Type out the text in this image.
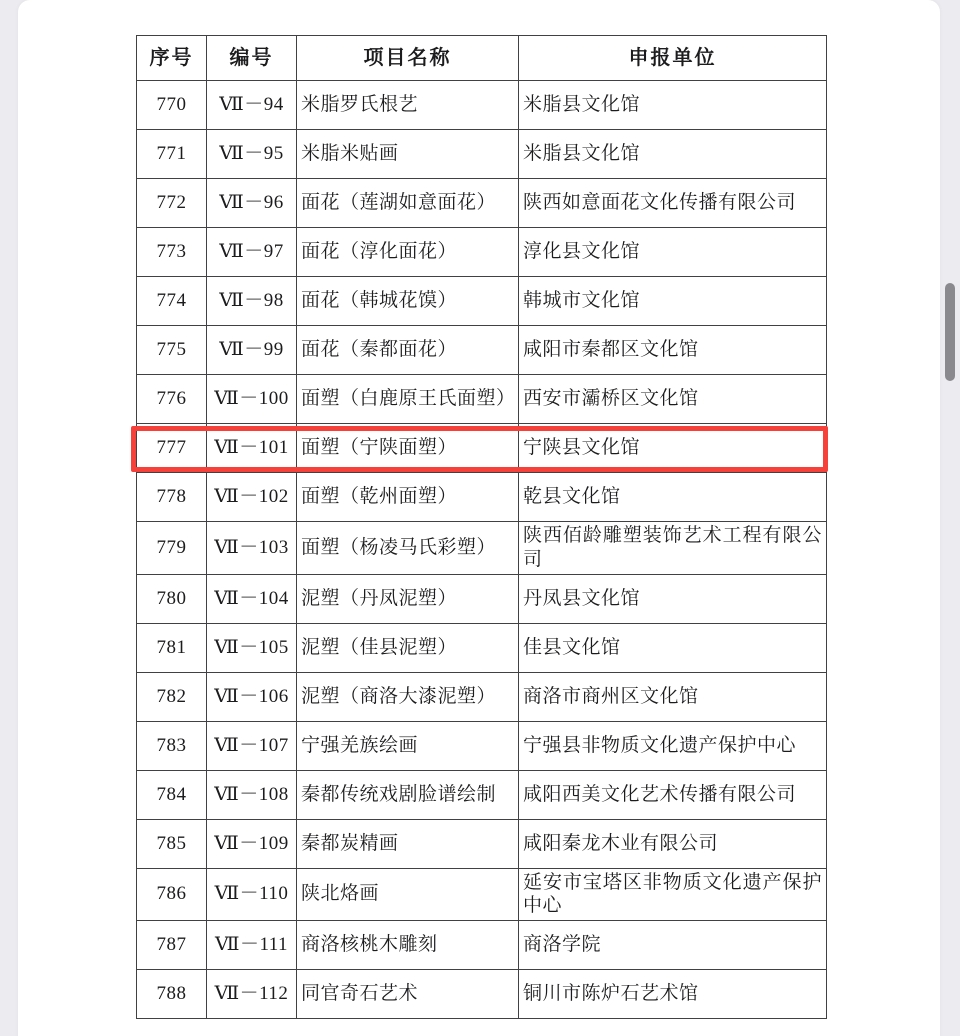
序号	编号	项目名称	申报单位
770	Ⅶ－94	米脂罗氏根艺	米脂县文化馆
771	Ⅶ－95	米脂米贴画	米脂县文化馆
772	Ⅶ－96	面花（莲湖如意面花）	陕西如意面花文化传播有限公司
773	Ⅶ－97	面花（淳化面花）	淳化县文化馆
774	Ⅶ－98	面花（韩城花馍）	韩城市文化馆
775	Ⅶ－99	面花（秦都面花）	咸阳市秦都区文化馆
776	Ⅶ－100	面塑（白鹿原王氏面塑）	西安市灞桥区文化馆
777	Ⅶ－101	面塑（宁陕面塑）	宁陕县文化馆
778	Ⅶ－102	面塑（乾州面塑）	乾县文化馆
779	Ⅶ－103	面塑（杨凌马氏彩塑）	陕西佰龄雕塑装饰艺术工程有限公司
780	Ⅶ－104	泥塑（丹凤泥塑）	丹凤县文化馆
781	Ⅶ－105	泥塑（佳县泥塑）	佳县文化馆
782	Ⅶ－106	泥塑（商洛大漆泥塑）	商洛市商州区文化馆
783	Ⅶ－107	宁强羌族绘画	宁强县非物质文化遗产保护中心
784	Ⅶ－108	秦都传统戏剧脸谱绘制	咸阳西美文化艺术传播有限公司
785	Ⅶ－109	秦都炭精画	咸阳秦龙木业有限公司
786	Ⅶ－110	陕北烙画	延安市宝塔区非物质文化遗产保护中心
787	Ⅶ－111	商洛核桃木雕刻	商洛学院
788	Ⅶ－112	同官奇石艺术	铜川市陈炉石艺术馆
